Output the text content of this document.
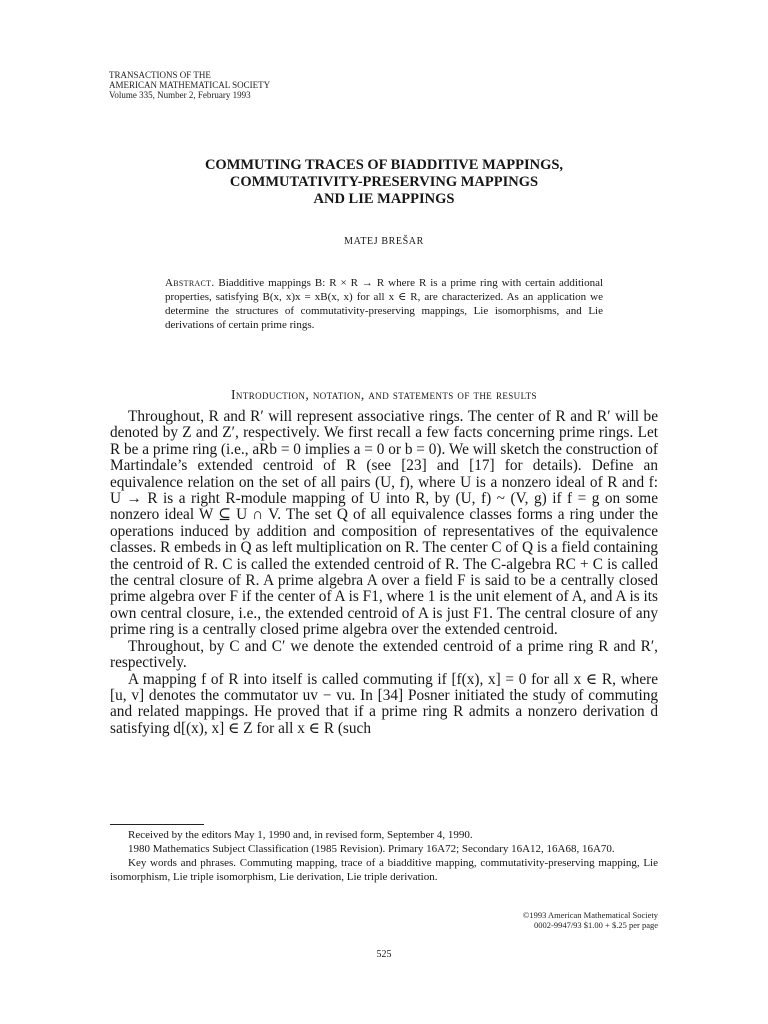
TRANSACTIONS OF THE
AMERICAN MATHEMATICAL SOCIETY
Volume 335, Number 2, February 1993
COMMUTING TRACES OF BIADDITIVE MAPPINGS,
COMMUTATIVITY-PRESERVING MAPPINGS
AND LIE MAPPINGS
MATEJ BREŠAR
Abstract. Biadditive mappings B: R × R → R where R is a prime ring with certain additional properties, satisfying B(x, x)x = xB(x, x) for all x ∈ R, are characterized. As an application we determine the structures of commutativity-preserving mappings, Lie isomorphisms, and Lie derivations of certain prime rings.
Introduction, notation, and statements of the results

Throughout, R and R′ will represent associative rings. The center of R and R′ will be denoted by Z and Z′, respectively. We first recall a few facts concerning prime rings. Let R be a prime ring (i.e., aRb = 0 implies a = 0 or b = 0). We will sketch the construction of Martindale’s extended centroid of R (see [23] and [17] for details). Define an equivalence relation on the set of all pairs (U, f), where U is a nonzero ideal of R and f: U → R is a right R-module mapping of U into R, by (U, f) ~ (V, g) if f = g on some nonzero ideal W ⊆ U ∩ V. The set Q of all equivalence classes forms a ring under the operations induced by addition and composition of representatives of the equivalence classes. R embeds in Q as left multiplication on R. The center C of Q is a field containing the centroid of R. C is called the extended centroid of R. The C-algebra RC + C is called the central closure of R. A prime algebra A over a field F is said to be a centrally closed prime algebra over F if the center of A is F1, where 1 is the unit element of A, and A is its own central closure, i.e., the extended centroid of A is just F1. The central closure of any prime ring is a centrally closed prime algebra over the extended centroid.

Throughout, by C and C′ we denote the extended centroid of a prime ring R and R′, respectively.

A mapping f of R into itself is called commuting if [f(x), x] = 0 for all x ∈ R, where [u, v] denotes the commutator uv − vu. In [34] Posner initiated the study of commuting and related mappings. He proved that if a prime ring R admits a nonzero derivation d satisfying d[(x), x] ∈ Z for all x ∈ R (such

Received by the editors May 1, 1990 and, in revised form, September 4, 1990.

1980 Mathematics Subject Classification (1985 Revision). Primary 16A72; Secondary 16A12, 16A68, 16A70.

Key words and phrases. Commuting mapping, trace of a biadditive mapping, commutativity-preserving mapping, Lie isomorphism, Lie triple isomorphism, Lie derivation, Lie triple derivation.

©1993 American Mathematical Society
0002-9947/93 $1.00 + $.25 per page
525
